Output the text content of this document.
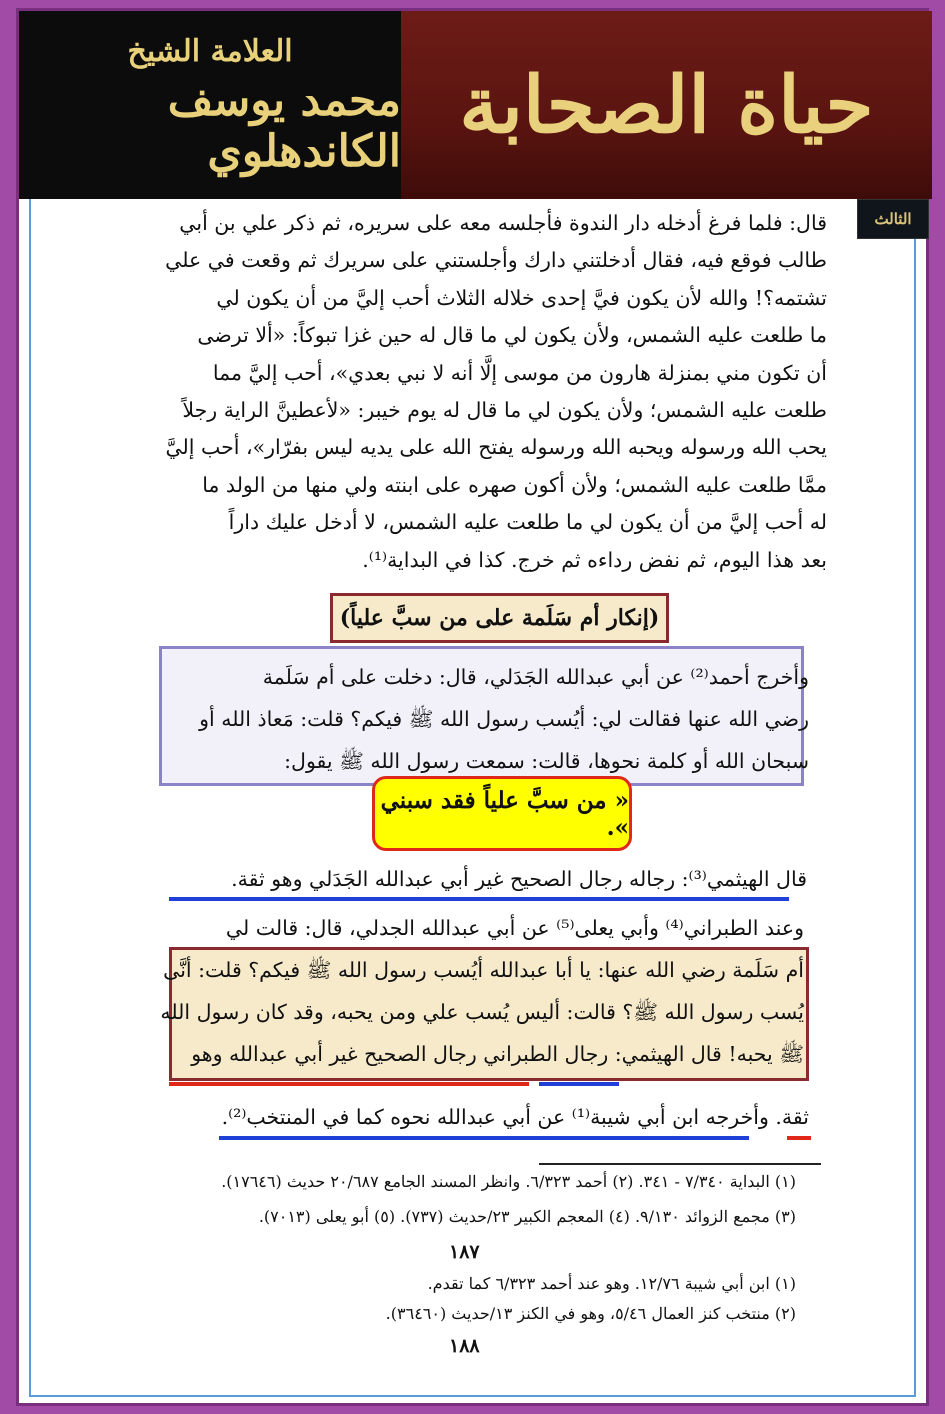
العلامة الشيخ
محمد يوسف الكاندهلوي
حياة الصحابة
الثالث
قال: فلما فرغ أدخله دار الندوة فأجلسه معه على سريره، ثم ذكر علي بن أبي
طالب فوقع فيه، فقال أدخلتني دارك وأجلستني على سريرك ثم وقعت في علي
تشتمه؟! والله لأن يكون فيَّ إحدى خلاله الثلاث أحب إليَّ من أن يكون لي
ما طلعت عليه الشمس، ولأن يكون لي ما قال له حين غزا تبوكاً: «ألا ترضى
أن تكون مني بمنزلة هارون من موسى إلَّا أنه لا نبي بعدي»، أحب إليَّ مما
طلعت عليه الشمس؛ ولأن يكون لي ما قال له يوم خيبر: «لأعطينَّ الراية رجلاً
يحب الله ورسوله ويحبه الله ورسوله يفتح الله على يديه ليس بفرّار»، أحب إليَّ
ممَّا طلعت عليه الشمس؛ ولأن أكون صهره على ابنته ولي منها من الولد ما
له أحب إليَّ من أن يكون لي ما طلعت عليه الشمس، لا أدخل عليك داراً
بعد هذا اليوم، ثم نفض رداءه ثم خرج. كذا في البداية⁽¹⁾.
(إنكار أم سَلَمة على من سبَّ علياً)
وأخرج أحمد⁽²⁾ عن أبي عبدالله الجَدَلي، قال: دخلت على أم سَلَمة
رضي الله عنها فقالت لي: أيُسب رسول الله ﷺ فيكم؟ قلت: مَعاذ الله أو
سبحان الله أو كلمة نحوها، قالت: سمعت رسول الله ﷺ يقول:
« من سبَّ علياً فقد سبني ».
قال الهيثمي⁽³⁾: رجاله رجال الصحيح غير أبي عبدالله الجَدَلي وهو ثقة.
وعند الطبراني⁽⁴⁾ وأبي يعلى⁽⁵⁾ عن أبي عبدالله الجدلي، قال: قالت لي
أم سَلَمة رضي الله عنها: يا أبا عبدالله أيُسب رسول الله ﷺ فيكم؟ قلت: أنَّى
يُسب رسول الله ﷺ؟ قالت: أليس يُسب علي ومن يحبه، وقد كان رسول الله
ﷺ يحبه! قال الهيثمي: رجال الطبراني رجال الصحيح غير أبي عبدالله وهو
ثقة. وأخرجه ابن أبي شيبة⁽¹⁾ عن أبي عبدالله نحوه كما في المنتخب⁽²⁾.
(١) البداية ٧/٣٤٠ - ٣٤١. (٢) أحمد ٦/٣٢٣. وانظر المسند الجامع ٢٠/٦٨٧ حديث (١٧٦٤٦).
(٣) مجمع الزوائد ٩/١٣٠. (٤) المعجم الكبير ٢٣/حديث (٧٣٧). (٥) أبو يعلى (٧٠١٣).
١٨٧
(١) ابن أبي شيبة ١٢/٧٦. وهو عند أحمد ٦/٣٢٣ كما تقدم.
(٢) منتخب كنز العمال ٥/٤٦، وهو في الكنز ١٣/حديث (٣٦٤٦٠).
١٨٨
